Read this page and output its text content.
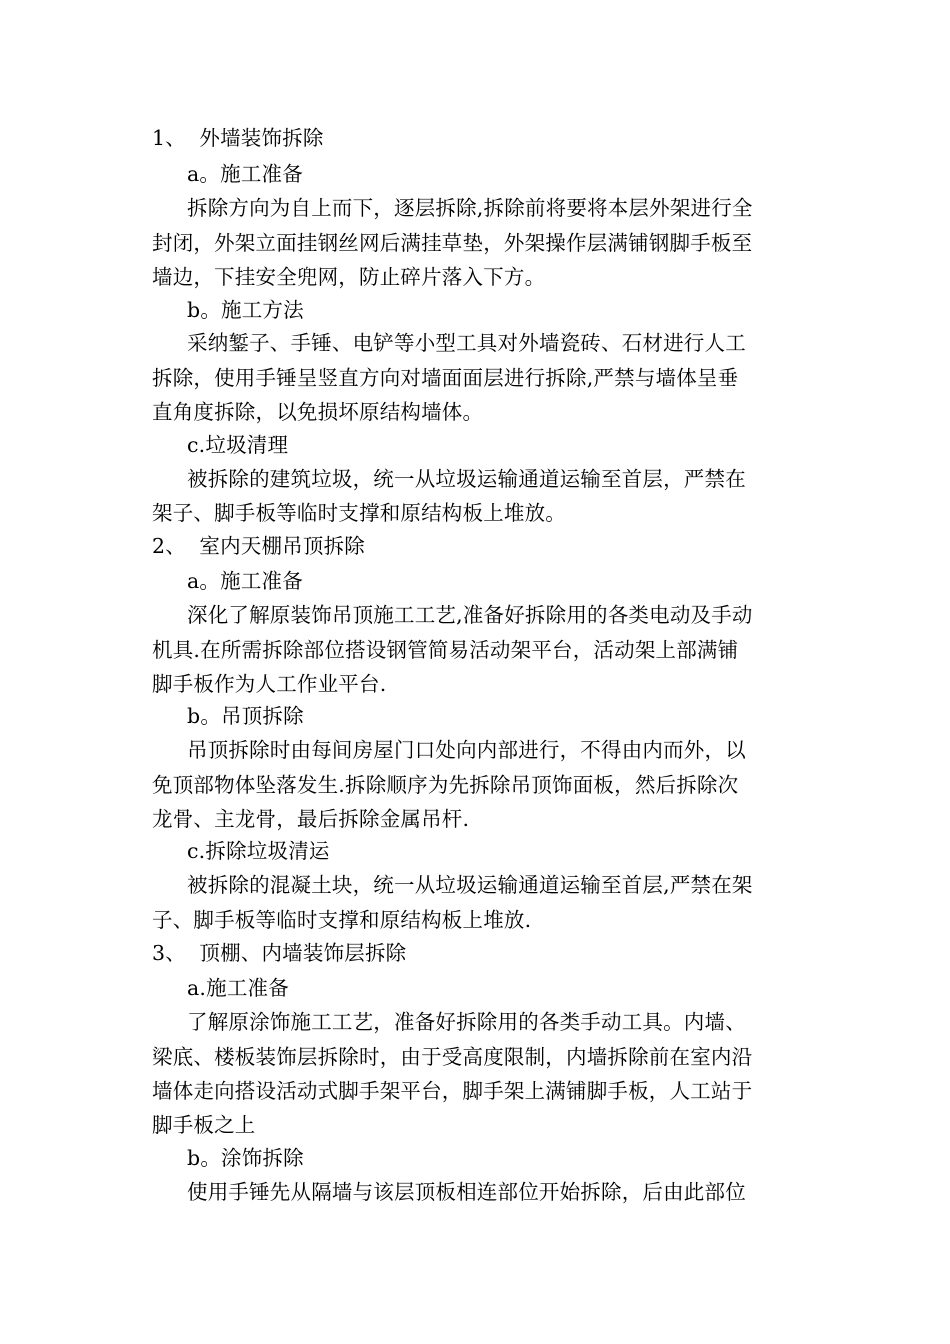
1、  外墙装饰拆除
a。施工准备
拆除方向为自上而下，逐层拆除,拆除前将要将本层外架进行全
封闭，外架立面挂钢丝网后满挂草垫，外架操作层满铺钢脚手板至
墙边，下挂安全兜网，防止碎片落入下方。
b。施工方法
采纳錾子、手锤、电铲等小型工具对外墙瓷砖、石材进行人工
拆除，使用手锤呈竖直方向对墙面面层进行拆除,严禁与墙体呈垂
直角度拆除，以免损坏原结构墙体。
c.垃圾清理
被拆除的建筑垃圾，统一从垃圾运输通道运输至首层，严禁在
架子、脚手板等临时支撑和原结构板上堆放。
2、  室内天棚吊顶拆除
a。施工准备
深化了解原装饰吊顶施工工艺,准备好拆除用的各类电动及手动
机具.在所需拆除部位搭设钢管简易活动架平台，活动架上部满铺
脚手板作为人工作业平台.
b。吊顶拆除
吊顶拆除时由每间房屋门口处向内部进行，不得由内而外，以
免顶部物体坠落发生.拆除顺序为先拆除吊顶饰面板，然后拆除次
龙骨、主龙骨，最后拆除金属吊杆.
c.拆除垃圾清运
被拆除的混凝土块，统一从垃圾运输通道运输至首层,严禁在架
子、脚手板等临时支撑和原结构板上堆放.
3、  顶棚、内墙装饰层拆除
a.施工准备
了解原涂饰施工工艺，准备好拆除用的各类手动工具。内墙、
梁底、楼板装饰层拆除时，由于受高度限制，内墙拆除前在室内沿
墙体走向搭设活动式脚手架平台，脚手架上满铺脚手板，人工站于
脚手板之上
b。涂饰拆除
使用手锤先从隔墙与该层顶板相连部位开始拆除，后由此部位
